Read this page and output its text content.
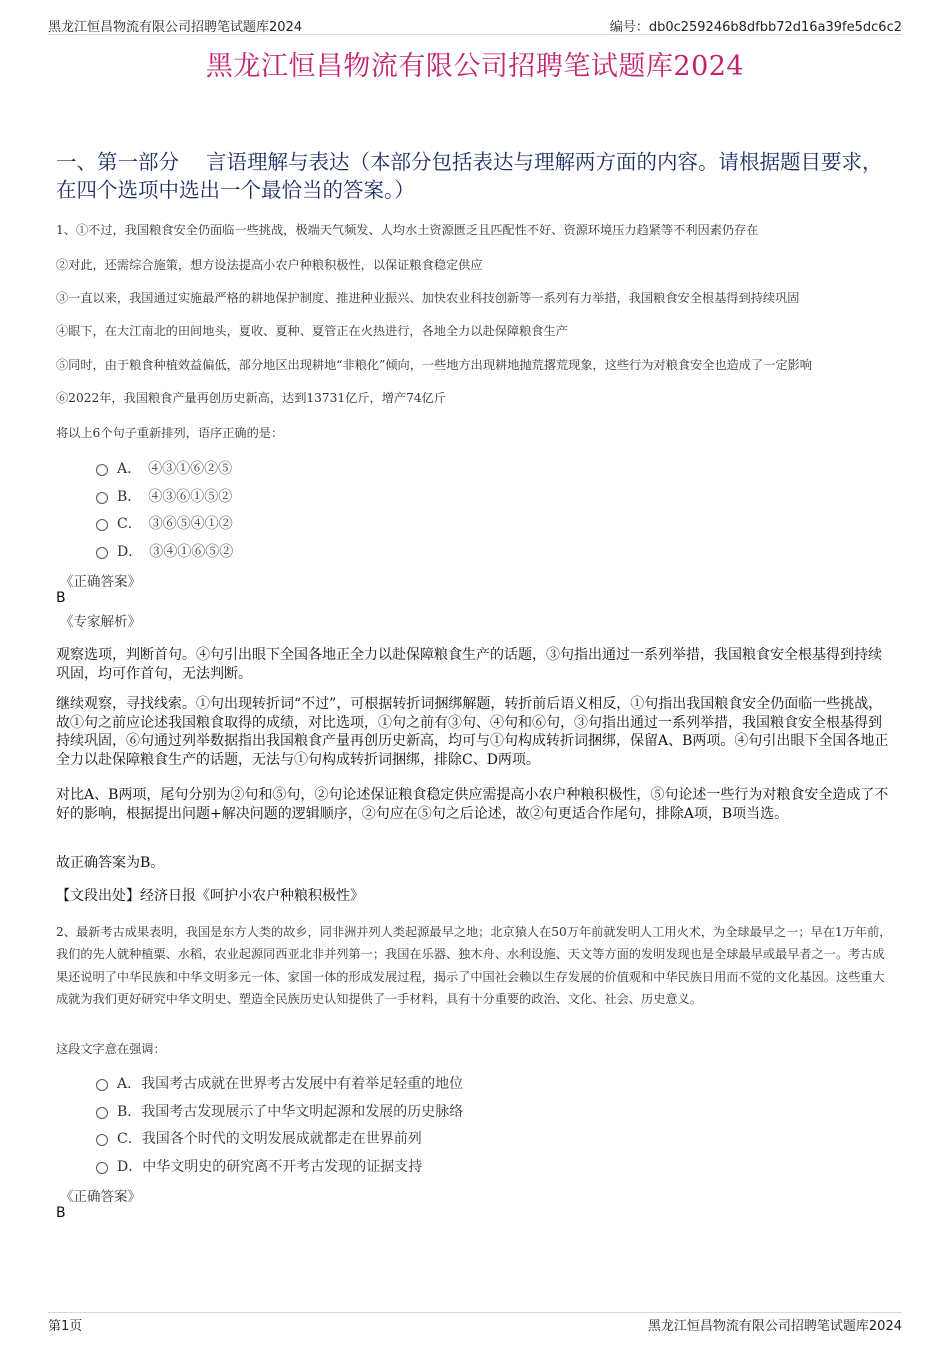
黑龙江恒昌物流有限公司招聘笔试题库2024	编号：db0c259246b8dfbb72d16a39fe5dc6c2
黑龙江恒昌物流有限公司招聘笔试题库2024
一、第一部分　 言语理解与表达（本部分包括表达与理解两方面的内容。请根据题目要求，在四个选项中选出一个最恰当的答案。）
1、①不过，我国粮食安全仍面临一些挑战，极端天气频发、人均水土资源匮乏且匹配性不好、资源环境压力趋紧等不利因素仍存在
②对此，还需综合施策，想方设法提高小农户种粮积极性，以保证粮食稳定供应
③一直以来，我国通过实施最严格的耕地保护制度、推进种业振兴、加快农业科技创新等一系列有力举措，我国粮食安全根基得到持续巩固
④眼下，在大江南北的田间地头，夏收、夏种、夏管正在火热进行，各地全力以赴保障粮食生产
⑤同时，由于粮食种植效益偏低，部分地区出现耕地“非粮化”倾向，一些地方出现耕地抛荒撂荒现象，这些行为对粮食安全也造成了一定影响
⑥2022年，我国粮食产量再创历史新高，达到13731亿斤，增产74亿斤
将以上6个句子重新排列，语序正确的是：
A．　④③①⑥②⑤
B．　④③⑥①⑤②
C．　③⑥⑤④①②
D．　③④①⑥⑤②
《正确答案》
B
《专家解析》
观察选项，判断首句。④句引出眼下全国各地正全力以赴保障粮食生产的话题，③句指出通过一系列举措，我国粮食安全根基得到持续巩固，均可作首句，无法判断。
继续观察，寻找线索。①句出现转折词“不过”，可根据转折词捆绑解题，转折前后语义相反，①句指出我国粮食安全仍面临一些挑战，故①句之前应论述我国粮食取得的成绩，对比选项，①句之前有③句、④句和⑥句，③句指出通过一系列举措，我国粮食安全根基得到持续巩固，⑥句通过列举数据指出我国粮食产量再创历史新高，均可与①句构成转折词捆绑，保留A、B两项。④句引出眼下全国各地正全力以赴保障粮食生产的话题，无法与①句构成转折词捆绑，排除C、D两项。
对比A、B两项，尾句分别为②句和⑤句，②句论述保证粮食稳定供应需提高小农户种粮积极性，⑤句论述一些行为对粮食安全造成了不好的影响，根据提出问题+解决问题的逻辑顺序，②句应在⑤句之后论述，故②句更适合作尾句，排除A项，B项当选。
故正确答案为B。
【文段出处】经济日报《呵护小农户种粮积极性》
2、最新考古成果表明，我国是东方人类的故乡，同非洲并列人类起源最早之地；北京猿人在50万年前就发明人工用火术，为全球最早之一；早在1万年前，我们的先人就种植粟、水稻，农业起源同西亚北非并列第一；我国在乐器、独木舟、水利设施、天文等方面的发明发现也是全球最早或最早者之一。考古成果还说明了中华民族和中华文明多元一体、家国一体的形成发展过程，揭示了中国社会赖以生存发展的价值观和中华民族日用而不觉的文化基因。这些重大成就为我们更好研究中华文明史、塑造全民族历史认知提供了一手材料，具有十分重要的政治、文化、社会、历史意义。
这段文字意在强调：
A．我国考古成就在世界考古发展中有着举足轻重的地位
B．我国考古发现展示了中华文明起源和发展的历史脉络
C．我国各个时代的文明发展成就都走在世界前列
D．中华文明史的研究离不开考古发现的证据支持
《正确答案》
B
第1页	黑龙江恒昌物流有限公司招聘笔试题库2024
